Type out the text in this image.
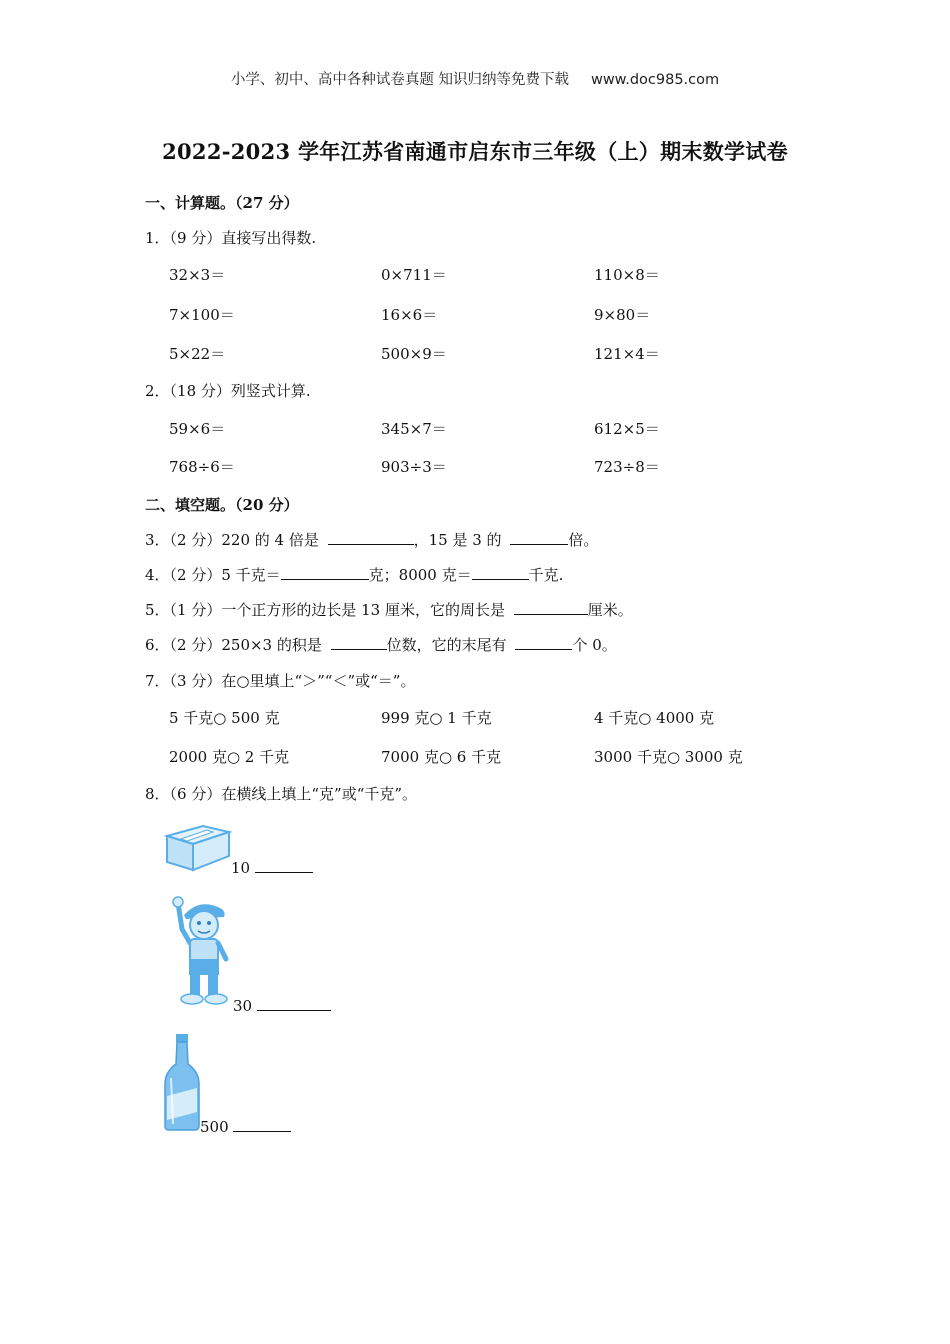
小学、初中、高中各种试卷真题 知识归纳等免费下载 www.doc985.com
2022-2023 学年江苏省南通市启东市三年级（上）期末数学试卷
一、计算题。（27 分）
1．（9 分）直接写出得数.
32×3＝	0×711＝	110×8＝
7×100＝	16×6＝	9×80＝
5×22＝	500×9＝	121×4＝
2．（18 分）列竖式计算.
59×6＝	345×7＝	612×5＝
768÷6＝	903÷3＝	723÷8＝
二、填空题。（20 分）
3．（2 分）220 的 4 倍是	，15 是 3 的	倍。
4．（2 分）5 千克＝	克；8000 克＝	千克.
5．（1 分）一个正方形的边长是 13 厘米，它的周长是	厘米。
6．（2 分）250×3 的积是	位数，它的末尾有	个 0。
7．（3 分）在○里填上“＞”“＜”或“＝”。
5 千克○ 500 克	999 克○ 1 千克	4 千克○ 4000 克
2000 克○ 2 千克	7000 克○ 6 千克	3000 千克○ 3000 克
8．（6 分）在横线上填上“克”或“千克”。
10
30
500
